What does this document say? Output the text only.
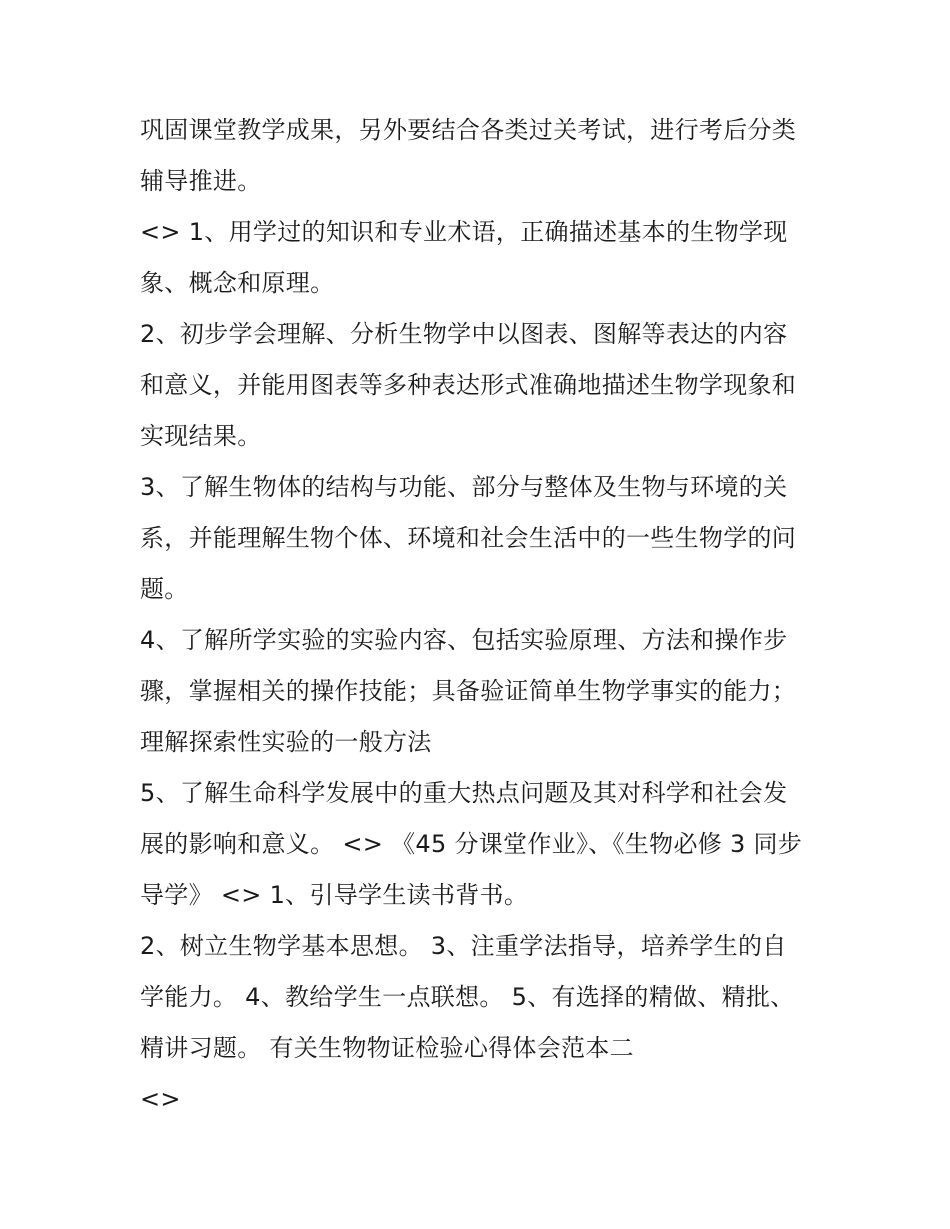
巩固课堂教学成果，另外要结合各类过关考试，进行考后分类
辅导推进。

<> 1、用学过的知识和专业术语，正确描述基本的生物学现
象、概念和原理。

2、初步学会理解、分析生物学中以图表、图解等表达的内容
和意义，并能用图表等多种表达形式准确地描述生物学现象和
实现结果。

3、了解生物体的结构与功能、部分与整体及生物与环境的关
系，并能理解生物个体、环境和社会生活中的一些生物学的问
题。

4、了解所学实验的实验内容、包括实验原理、方法和操作步
骤，掌握相关的操作技能；具备验证简单生物学事实的能力；
理解探索性实验的一般方法

5、了解生命科学发展中的重大热点问题及其对科学和社会发
展的影响和意义。 <> 《45 分课堂作业》、《生物必修 3 同步
导学》 <> 1、引导学生读书背书。

2、树立生物学基本思想。 3、注重学法指导，培养学生的自
学能力。 4、教给学生一点联想。 5、有选择的精做、精批、
精讲习题。 有关生物物证检验心得体会范本二

<>
